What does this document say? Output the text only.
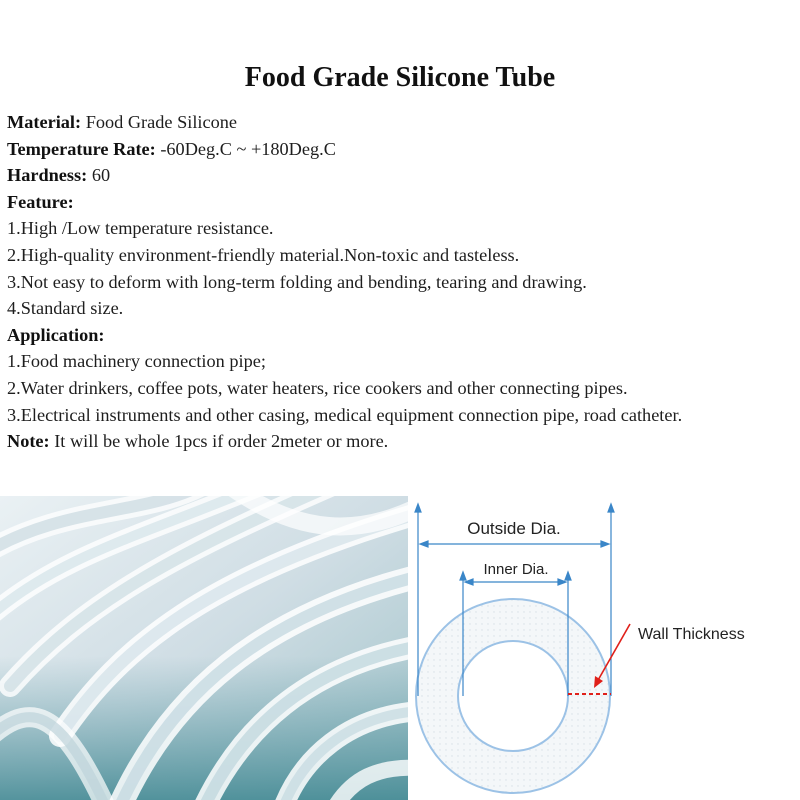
Food Grade Silicone Tube
Material: Food Grade Silicone
Temperature Rate: -60Deg.C ~ +180Deg.C
Hardness: 60
Feature:
1.High /Low temperature resistance.
2.High-quality environment-friendly material.Non-toxic and tasteless.
3.Not easy to deform with long-term folding and bending, tearing and drawing.
4.Standard size.
Application:
1.Food machinery connection pipe;
2.Water drinkers, coffee pots, water heaters, rice cookers and other connecting pipes.
3.Electrical instruments and other casing, medical equipment connection pipe, road catheter.
Note: It will be whole 1pcs if order 2meter or more.
Outside Dia.
Inner Dia.
Wall Thickness
